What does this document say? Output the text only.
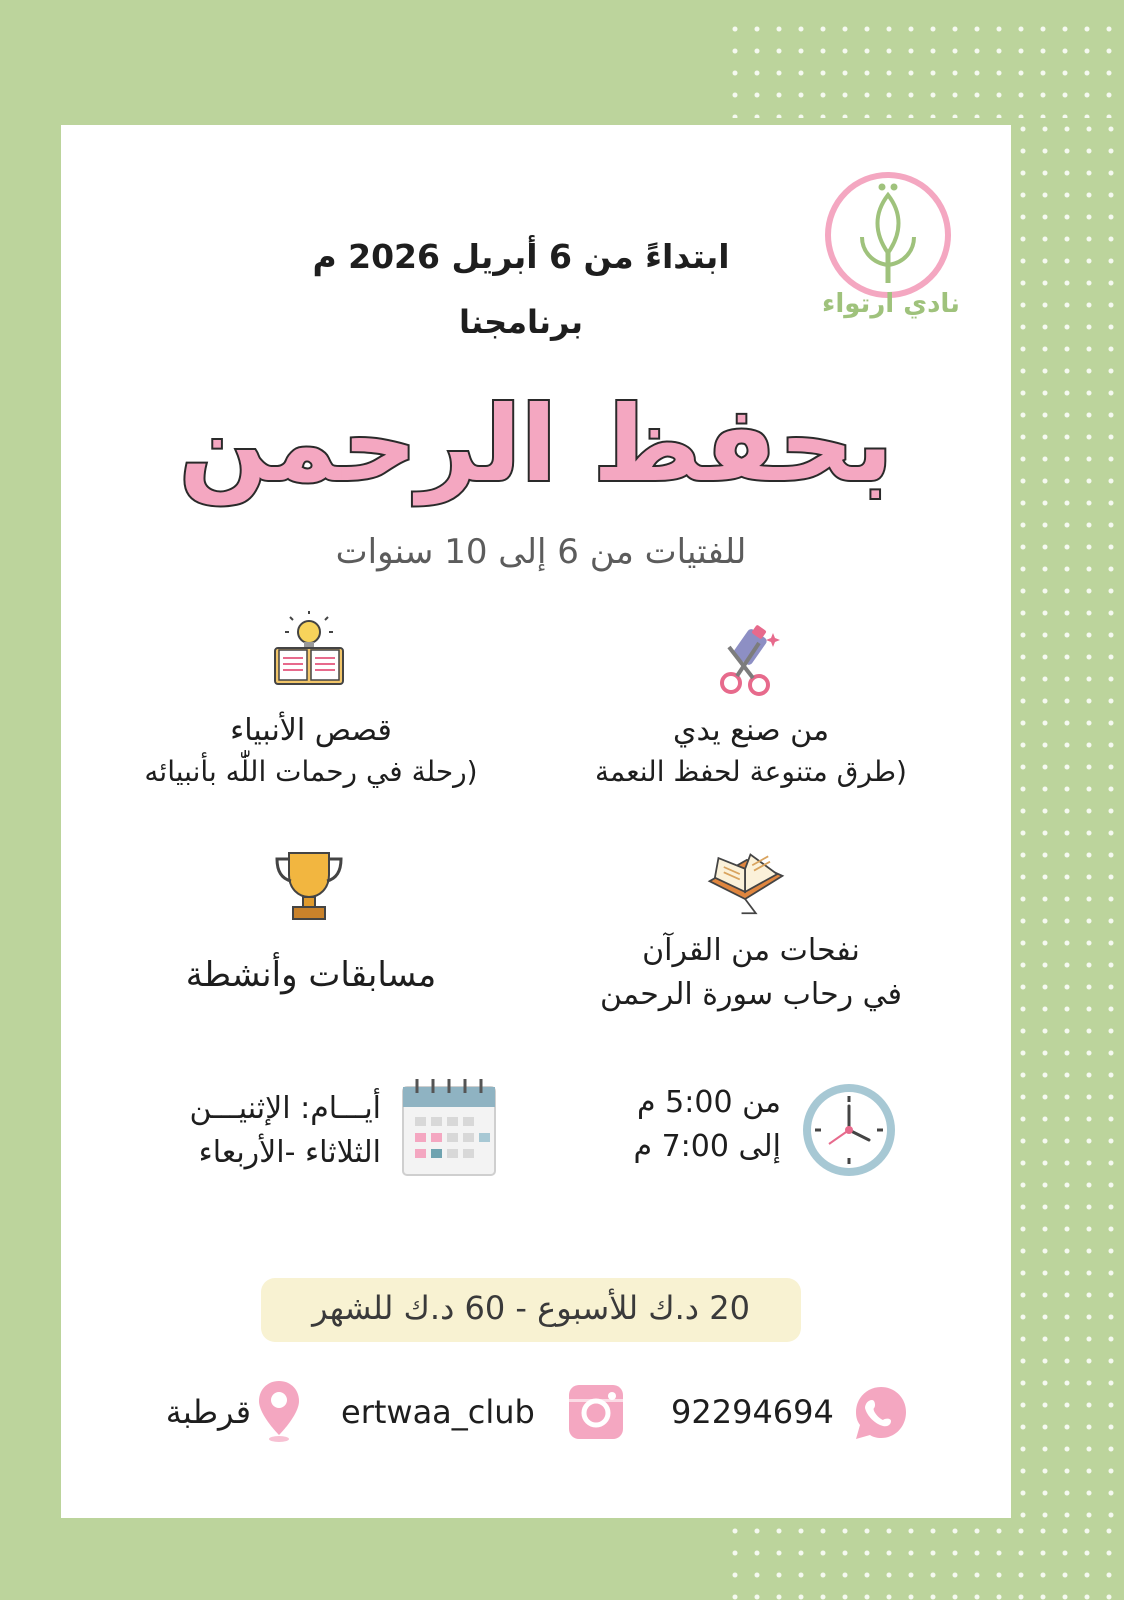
نادي ارتواء
ابتداءً من 6 أبريل 2026 م
برنامجنا
بحفظ الرحمن
للفتيات من 6 إلى 10 سنوات
من صنع يدي
(طرق متنوعة لحفظ النعمة
قصص الأنبياء
(رحلة في رحمات اللّٰه بأنبيائه
نفحات من القرآن
في رحاب سورة الرحمن
مسابقات وأنشطة
من 5:00 م
إلى 7:00 م
أيـــام: الإثنيـــن
الثلاثاء -الأربعاء
20 د.ك للأسبوع - 60 د.ك للشهر
92294694
ertwaa_club
قرطبة
